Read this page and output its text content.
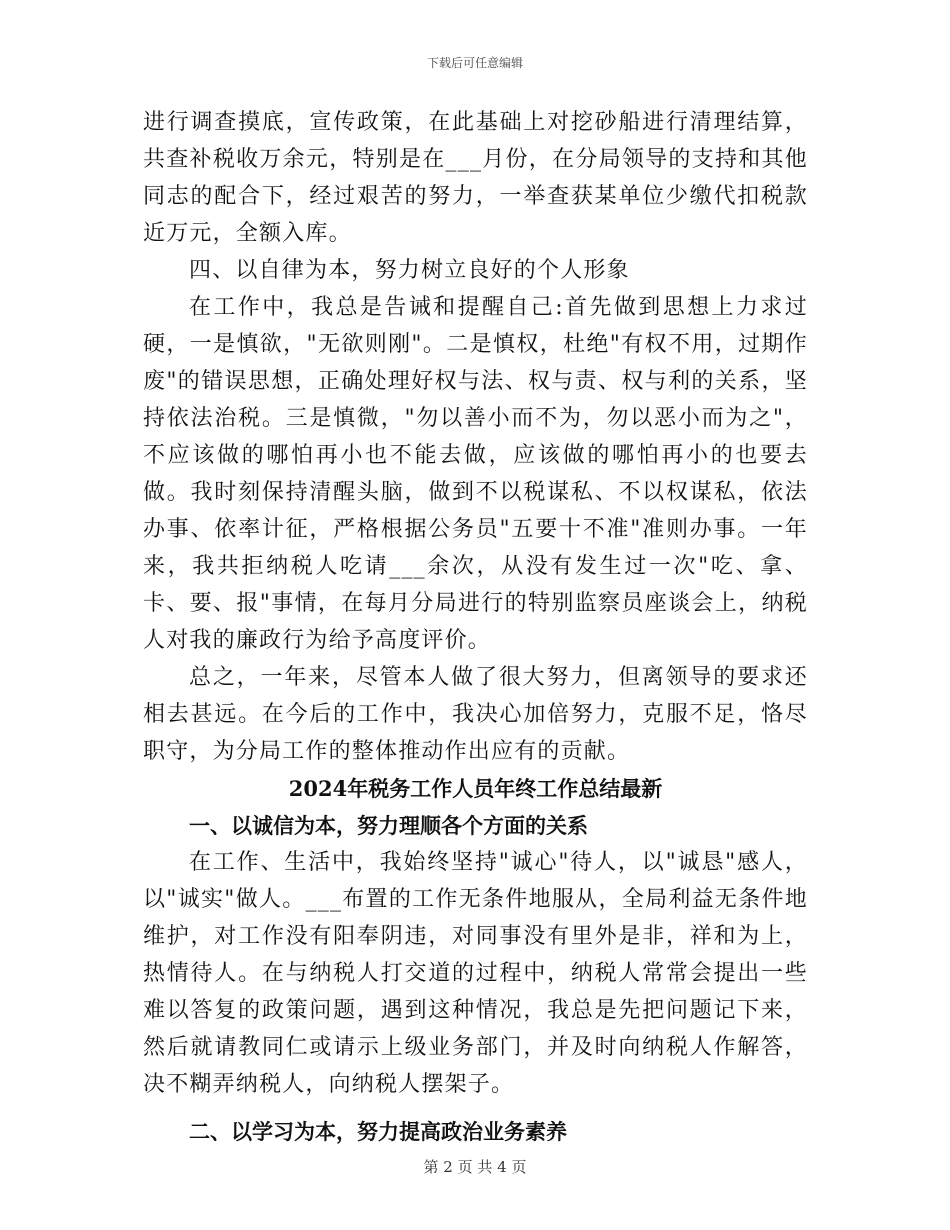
下载后可任意编辑

进行调查摸底，宣传政策，在此基础上对挖砂船进行清理结算，共查补税收万余元，特别是在___月份，在分局领导的支持和其他同志的配合下，经过艰苦的努力，一举查获某单位少缴代扣税款近万元，全额入库。

四、以自律为本，努力树立良好的个人形象

在工作中，我总是告诫和提醒自己:首先做到思想上力求过硬，一是慎欲，"无欲则刚"。二是慎权，杜绝"有权不用，过期作废"的错误思想，正确处理好权与法、权与责、权与利的关系，坚持依法治税。三是慎微，"勿以善小而不为，勿以恶小而为之"，不应该做的哪怕再小也不能去做，应该做的哪怕再小的也要去做。我时刻保持清醒头脑，做到不以税谋私、不以权谋私，依法办事、依率计征，严格根据公务员"五要十不准"准则办事。一年来，我共拒纳税人吃请___余次，从没有发生过一次"吃、拿、卡、要、报"事情，在每月分局进行的特别监察员座谈会上，纳税人对我的廉政行为给予高度评价。

总之，一年来，尽管本人做了很大努力，但离领导的要求还相去甚远。在今后的工作中，我决心加倍努力，克服不足，恪尽职守，为分局工作的整体推动作出应有的贡献。

2024年税务工作人员年终工作总结最新
一、以诚信为本，努力理顺各个方面的关系

在工作、生活中，我始终坚持"诚心"待人，以"诚恳"感人，以"诚实"做人。___布置的工作无条件地服从，全局利益无条件地维护，对工作没有阳奉阴违，对同事没有里外是非，祥和为上，热情待人。在与纳税人打交道的过程中，纳税人常常会提出一些难以答复的政策问题，遇到这种情况，我总是先把问题记下来，然后就请教同仁或请示上级业务部门，并及时向纳税人作解答，决不糊弄纳税人，向纳税人摆架子。

二、以学习为本，努力提高政治业务素养
第 2 页 共 4 页
